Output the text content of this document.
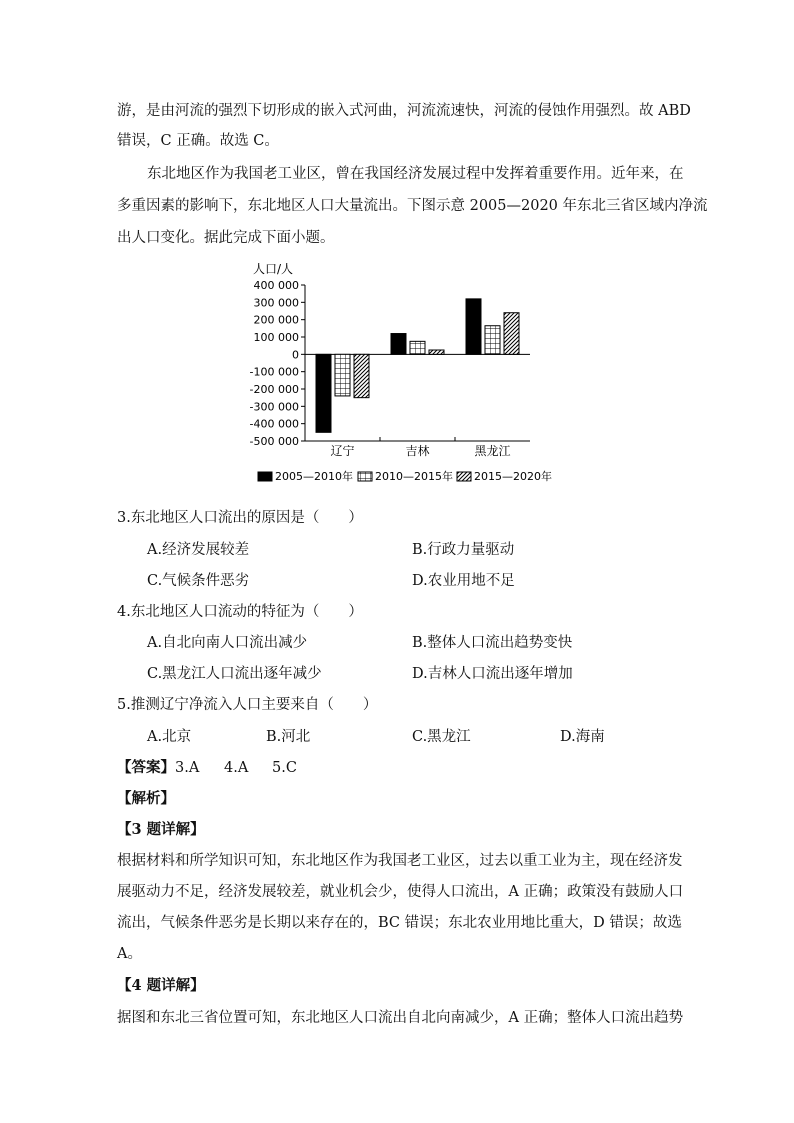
游，是由河流的强烈下切形成的嵌入式河曲，河流流速快，河流的侵蚀作用强烈。故 ABD
错误，C 正确。故选 C。
东北地区作为我国老工业区，曾在我国经济发展过程中发挥着重要作用。近年来，在
多重因素的影响下，东北地区人口大量流出。下图示意 2005—2020 年东北三省区域内净流
出人口变化。据此完成下面小题。
人口/人
400 000
300 000
200 000
100 000
0
-100 000
-200 000
-300 000
-400 000
-500 000
辽宁	吉林	黑龙江
2005—2010年 2010—2015年 2015—2020年
3.东北地区人口流出的原因是（　　）
A.经济发展较差	B.行政力量驱动
C.气候条件恶劣	D.农业用地不足
4.东北地区人口流动的特征为（　　）
A.自北向南人口流出减少	B.整体人口流出趋势变快
C.黑龙江人口流出逐年减少	D.吉林人口流出逐年增加
5.推测辽宁净流入人口主要来自（　　）
A.北京	B.河北	C.黑龙江	D.海南
【答案】 3.A 4.A 5.C
【解析】
【3 题详解】
根据材料和所学知识可知，东北地区作为我国老工业区，过去以重工业为主，现在经济发
展驱动力不足，经济发展较差，就业机会少，使得人口流出，A 正确；政策没有鼓励人口
流出，气候条件恶劣是长期以来存在的，BC 错误；东北农业用地比重大，D 错误；故选
A。
【4 题详解】
据图和东北三省位置可知，东北地区人口流出自北向南减少，A 正确；整体人口流出趋势
